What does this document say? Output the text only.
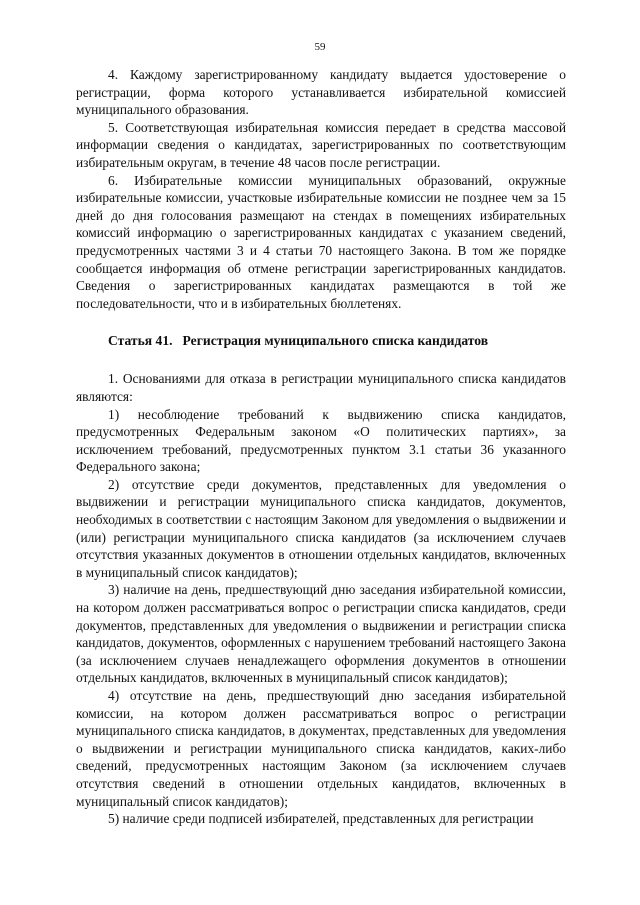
59

4. Каждому зарегистрированному кандидату выдается удостоверение о регистрации, форма которого устанавливается избирательной комиссией муниципального образования.

5. Соответствующая избирательная комиссия передает в средства массовой информации сведения о кандидатах, зарегистрированных по соответствующим избирательным округам, в течение 48 часов после регистрации.

6. Избирательные комиссии муниципальных образований, окружные избирательные комиссии, участковые избирательные комиссии не позднее чем за 15 дней до дня голосования размещают на стендах в помещениях избирательных комиссий информацию о зарегистрированных кандидатах с указанием сведений, предусмотренных частями 3 и 4 статьи 70 настоящего Закона. В том же порядке сообщается информация об отмене регистрации зарегистрированных кандидатов. Сведения о зарегистрированных кандидатах размещаются в той же последовательности, что и в избирательных бюллетенях.

Статья 41. Регистрация муниципального списка кандидатов

1. Основаниями для отказа в регистрации муниципального списка кандидатов являются:

1) несоблюдение требований к выдвижению списка кандидатов, предусмотренных Федеральным законом «О политических партиях», за исключением требований, предусмотренных пунктом 3.1 статьи 36 указанного Федерального закона;

2) отсутствие среди документов, представленных для уведомления о выдвижении и регистрации муниципального списка кандидатов, документов, необходимых в соответствии с настоящим Законом для уведомления о выдвижении и (или) регистрации муниципального списка кандидатов (за исключением случаев отсутствия указанных документов в отношении отдельных кандидатов, включенных в муниципальный список кандидатов);

3) наличие на день, предшествующий дню заседания избирательной комиссии, на котором должен рассматриваться вопрос о регистрации списка кандидатов, среди документов, представленных для уведомления о выдвижении и регистрации списка кандидатов, документов, оформленных с нарушением требований настоящего Закона (за исключением случаев ненадлежащего оформления документов в отношении отдельных кандидатов, включенных в муниципальный список кандидатов);

4) отсутствие на день, предшествующий дню заседания избирательной комиссии, на котором должен рассматриваться вопрос о регистрации муниципального списка кандидатов, в документах, представленных для уведомления о выдвижении и регистрации муниципального списка кандидатов, каких-либо сведений, предусмотренных настоящим Законом (за исключением случаев отсутствия сведений в отношении отдельных кандидатов, включенных в муниципальный список кандидатов);

5) наличие среди подписей избирателей, представленных для регистрации
